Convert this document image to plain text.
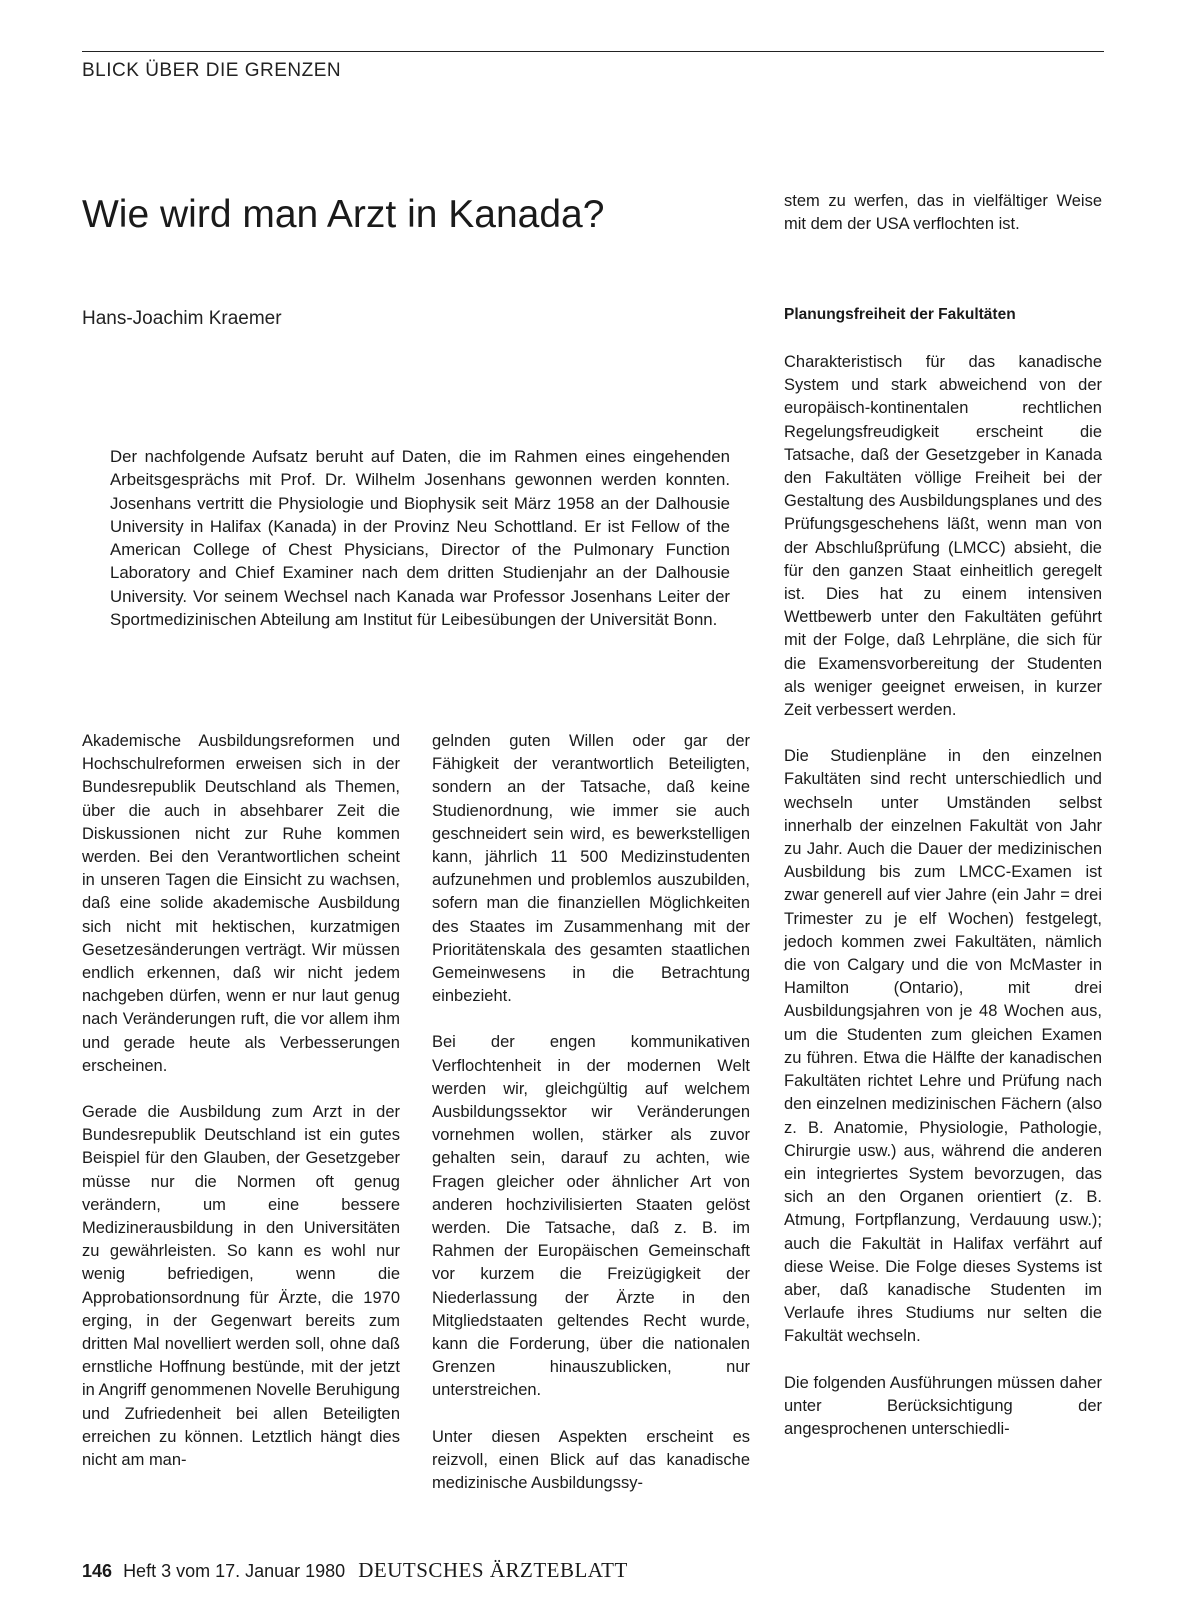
BLICK ÜBER DIE GRENZEN
Wie wird man Arzt in Kanada?
Hans-Joachim Kraemer

Der nachfolgende Aufsatz beruht auf Daten, die im Rahmen eines eingehenden Arbeitsgesprächs mit Prof. Dr. Wilhelm Josenhans gewonnen werden konnten. Josenhans vertritt die Physiologie und Biophysik seit März 1958 an der Dalhousie University in Halifax (Kanada) in der Provinz Neu Schottland. Er ist Fellow of the American College of Chest Physicians, Director of the Pulmonary Function Laboratory and Chief Examiner nach dem dritten Studienjahr an der Dalhousie University. Vor seinem Wechsel nach Kanada war Professor Josenhans Leiter der Sportmedizinischen Abteilung am Institut für Leibesübungen der Universität Bonn.

Akademische Ausbildungsreformen und Hochschulreformen erweisen sich in der Bundesrepublik Deutschland als Themen, über die auch in absehbarer Zeit die Diskussionen nicht zur Ruhe kommen werden. Bei den Verantwortlichen scheint in unseren Tagen die Einsicht zu wachsen, daß eine solide akademische Ausbildung sich nicht mit hektischen, kurzatmigen Gesetzesänderungen verträgt. Wir müssen endlich erkennen, daß wir nicht jedem nachgeben dürfen, wenn er nur laut genug nach Veränderungen ruft, die vor allem ihm und gerade heute als Verbesserungen erscheinen.

Gerade die Ausbildung zum Arzt in der Bundesrepublik Deutschland ist ein gutes Beispiel für den Glauben, der Gesetzgeber müsse nur die Normen oft genug verändern, um eine bessere Medizinerausbildung in den Universitäten zu gewährleisten. So kann es wohl nur wenig befriedigen, wenn die Approbationsordnung für Ärzte, die 1970 erging, in der Gegenwart bereits zum dritten Mal novelliert werden soll, ohne daß ernstliche Hoffnung bestünde, mit der jetzt in Angriff genommenen Novelle Beruhigung und Zufriedenheit bei allen Beteiligten erreichen zu können. Letztlich hängt dies nicht am man-

gelnden guten Willen oder gar der Fähigkeit der verantwortlich Beteiligten, sondern an der Tatsache, daß keine Studienordnung, wie immer sie auch geschneidert sein wird, es bewerkstelligen kann, jährlich 11 500 Medizinstudenten aufzunehmen und problemlos auszubilden, sofern man die finanziellen Möglichkeiten des Staates im Zusammenhang mit der Prioritätenskala des gesamten staatlichen Gemeinwesens in die Betrachtung einbezieht.

Bei der engen kommunikativen Verflochtenheit in der modernen Welt werden wir, gleichgültig auf welchem Ausbildungssektor wir Veränderungen vornehmen wollen, stärker als zuvor gehalten sein, darauf zu achten, wie Fragen gleicher oder ähnlicher Art von anderen hochzivilisierten Staaten gelöst werden. Die Tatsache, daß z. B. im Rahmen der Europäischen Gemeinschaft vor kurzem die Freizügigkeit der Niederlassung der Ärzte in den Mitgliedstaaten geltendes Recht wurde, kann die Forderung, über die nationalen Grenzen hinauszublicken, nur unterstreichen.

Unter diesen Aspekten erscheint es reizvoll, einen Blick auf das kanadische medizinische Ausbildungssy-

stem zu werfen, das in vielfältiger Weise mit dem der USA verflochten ist.

Planungsfreiheit der Fakultäten

Charakteristisch für das kanadische System und stark abweichend von der europäisch-kontinentalen rechtlichen Regelungsfreudigkeit erscheint die Tatsache, daß der Gesetzgeber in Kanada den Fakultäten völlige Freiheit bei der Gestaltung des Ausbildungsplanes und des Prüfungsgeschehens läßt, wenn man von der Abschlußprüfung (LMCC) absieht, die für den ganzen Staat einheitlich geregelt ist. Dies hat zu einem intensiven Wettbewerb unter den Fakultäten geführt mit der Folge, daß Lehrpläne, die sich für die Examensvorbereitung der Studenten als weniger geeignet erweisen, in kurzer Zeit verbessert werden.

Die Studienpläne in den einzelnen Fakultäten sind recht unterschiedlich und wechseln unter Umständen selbst innerhalb der einzelnen Fakultät von Jahr zu Jahr. Auch die Dauer der medizinischen Ausbildung bis zum LMCC-Examen ist zwar generell auf vier Jahre (ein Jahr = drei Trimester zu je elf Wochen) festgelegt, jedoch kommen zwei Fakultäten, nämlich die von Calgary und die von McMaster in Hamilton (Ontario), mit drei Ausbildungsjahren von je 48 Wochen aus, um die Studenten zum gleichen Examen zu führen. Etwa die Hälfte der kanadischen Fakultäten richtet Lehre und Prüfung nach den einzelnen medizinischen Fächern (also z. B. Anatomie, Physiologie, Pathologie, Chirurgie usw.) aus, während die anderen ein integriertes System bevorzugen, das sich an den Organen orientiert (z. B. Atmung, Fortpflanzung, Verdauung usw.); auch die Fakultät in Halifax verfährt auf diese Weise. Die Folge dieses Systems ist aber, daß kanadische Studenten im Verlaufe ihres Studiums nur selten die Fakultät wechseln.

Die folgenden Ausführungen müssen daher unter Berücksichtigung der angesprochenen unterschiedli-

146 Heft 3 vom 17. Januar 1980 DEUTSCHES ÄRZTEBLATT
